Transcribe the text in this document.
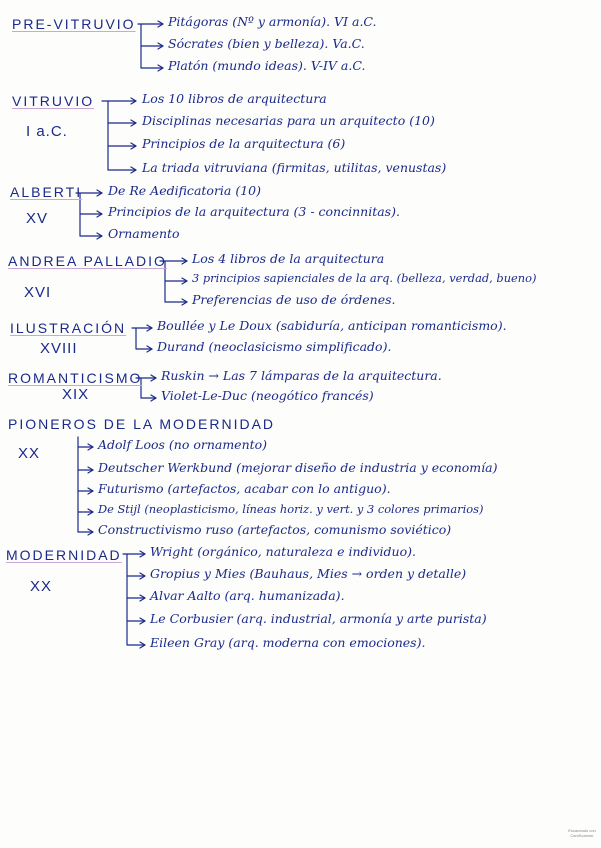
PRE-VITRUVIO	Pitágoras (Nº y armonía). VI a.C.
Sócrates (bien y belleza). Va.C.
Platón (mundo ideas). V-IV a.C.
VITRUVIO
I a.C.
Los 10 libros de arquitectura
Disciplinas necesarias para un arquitecto (10)
Principios de la arquitectura (6)
La triada vitruviana (firmitas, utilitas, venustas)
ALBERTI
XV
De Re Aedificatoria (10)
Principios de la arquitectura (3 - concinnitas).
Ornamento
ANDREA PALLADIO
XVI
Los 4 libros de la arquitectura
3 principios sapienciales de la arq. (belleza, verdad, bueno)
Preferencias de uso de órdenes.
ILUSTRACIÓN
XVIII
Boullée y Le Doux (sabiduría, anticipan romanticismo).
Durand (neoclasicismo simplificado).
ROMANTICISMO
XIX
Ruskin → Las 7 lámparas de la arquitectura.
Violet-Le-Duc (neogótico francés)
PIONEROS DE LA MODERNIDAD
XX
Adolf Loos (no ornamento)
Deutscher Werkbund (mejorar diseño de industria y economía)
Futurismo (artefactos, acabar con lo antiguo).
De Stijl (neoplasticismo, líneas horiz. y vert. y 3 colores primarios)
Constructivismo ruso (artefactos, comunismo soviético)
MODERNIDAD
XX
Wright (orgánico, naturaleza e individuo).
Gropius y Mies (Bauhaus, Mies → orden y detalle)
Alvar Aalto (arq. humanizada).
Le Corbusier (arq. industrial, armonía y arte purista)
Eileen Gray (arq. moderna con emociones).
Escaneado con CamScanner
